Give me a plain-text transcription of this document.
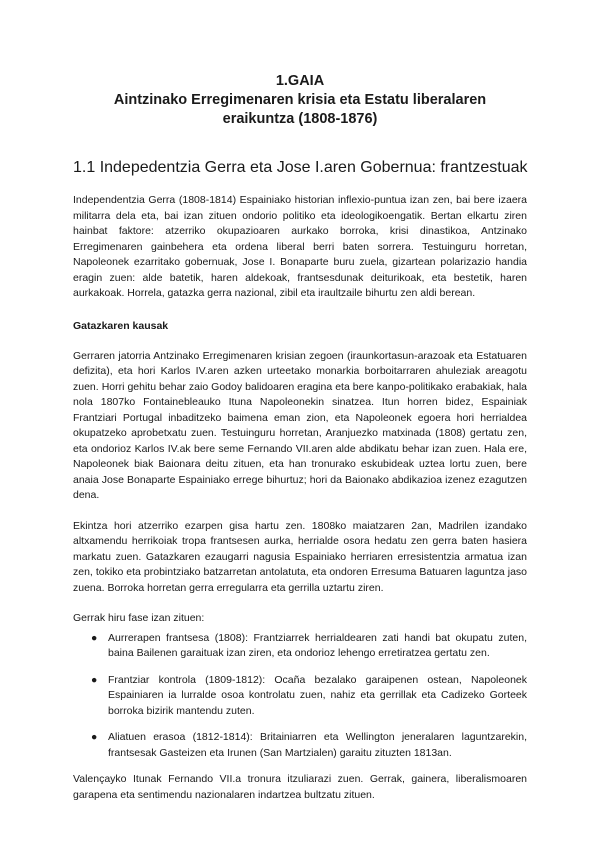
1.GAIA
Aintzinako Erregimenaren krisia eta Estatu liberalaren
eraikuntza (1808-1876)
1.1 Indepedentzia Gerra eta Jose I.aren Gobernua: frantzestuak

Independentzia Gerra (1808-1814) Espainiako historian inflexio-puntua izan zen, bai bere izaera militarra dela eta, bai izan zituen ondorio politiko eta ideologikoengatik. Bertan elkartu ziren hainbat faktore: atzerriko okupazioaren aurkako borroka, krisi dinastikoa, Antzinako Erregimenaren gainbehera eta ordena liberal berri baten sorrera. Testuinguru horretan, Napoleonek ezarritako gobernuak, Jose I. Bonaparte buru zuela, gizartean polarizazio handia eragin zuen: alde batetik, haren aldekoak, frantsesdunak deiturikoak, eta bestetik, haren aurkakoak. Horrela, gatazka gerra nazional, zibil eta iraultzaile bihurtu zen aldi berean.

Gatazkaren kausak

Gerraren jatorria Antzinako Erregimenaren krisian zegoen (iraunkortasun-arazoak eta Estatuaren defizita), eta hori Karlos IV.aren azken urteetako monarkia borboitarraren ahuleziak areagotu zuen. Horri gehitu behar zaio Godoy balidoaren eragina eta bere kanpo-politikako erabakiak, hala nola 1807ko Fontainebleauko Ituna Napoleonekin sinatzea. Itun horren bidez, Espainiak Frantziari Portugal inbaditzeko baimena eman zion, eta Napoleonek egoera hori herrialdea okupatzeko aprobetxatu zuen. Testuinguru horretan, Aranjuezko matxinada (1808) gertatu zen, eta ondorioz Karlos IV.ak bere seme Fernando VII.aren alde abdikatu behar izan zuen. Hala ere, Napoleonek biak Baionara deitu zituen, eta han tronurako eskubideak uztea lortu zuen, bere anaia Jose Bonaparte Espainiako errege bihurtuz; hori da Baionako abdikazioa izenez ezagutzen dena.

Ekintza hori atzerriko ezarpen gisa hartu zen. 1808ko maiatzaren 2an, Madrilen izandako altxamendu herrikoiak tropa frantsesen aurka, herrialde osora hedatu zen gerra baten hasiera markatu zuen. Gatazkaren ezaugarri nagusia Espainiako herriaren erresistentzia armatua izan zen, tokiko eta probintziako batzarretan antolatuta, eta ondoren Erresuma Batuaren laguntza jaso zuena. Borroka horretan gerra erregularra eta gerrilla uztartu ziren.

Gerrak hiru fase izan zituen:
● Aurrerapen frantsesa (1808): Frantziarrek herrialdearen zati handi bat okupatu zuten, baina Bailenen garaituak izan ziren, eta ondorioz lehengo erretiratzea gertatu zen.
● Frantziar kontrola (1809-1812): Ocaña bezalako garaipenen ostean, Napoleonek Espainiaren ia lurralde osoa kontrolatu zuen, nahiz eta gerrillak eta Cadizeko Gorteek borroka bizirik mantendu zuten.
● Aliatuen erasoa (1812-1814): Britainiarren eta Wellington jeneralaren laguntzarekin, frantsesak Gasteizen eta Irunen (San Martzialen) garaitu zituzten 1813an.

Valençayko Itunak Fernando VII.a tronura itzuliarazi zuen. Gerrak, gainera, liberalismoaren garapena eta sentimendu nazionalaren indartzea bultzatu zituen.
